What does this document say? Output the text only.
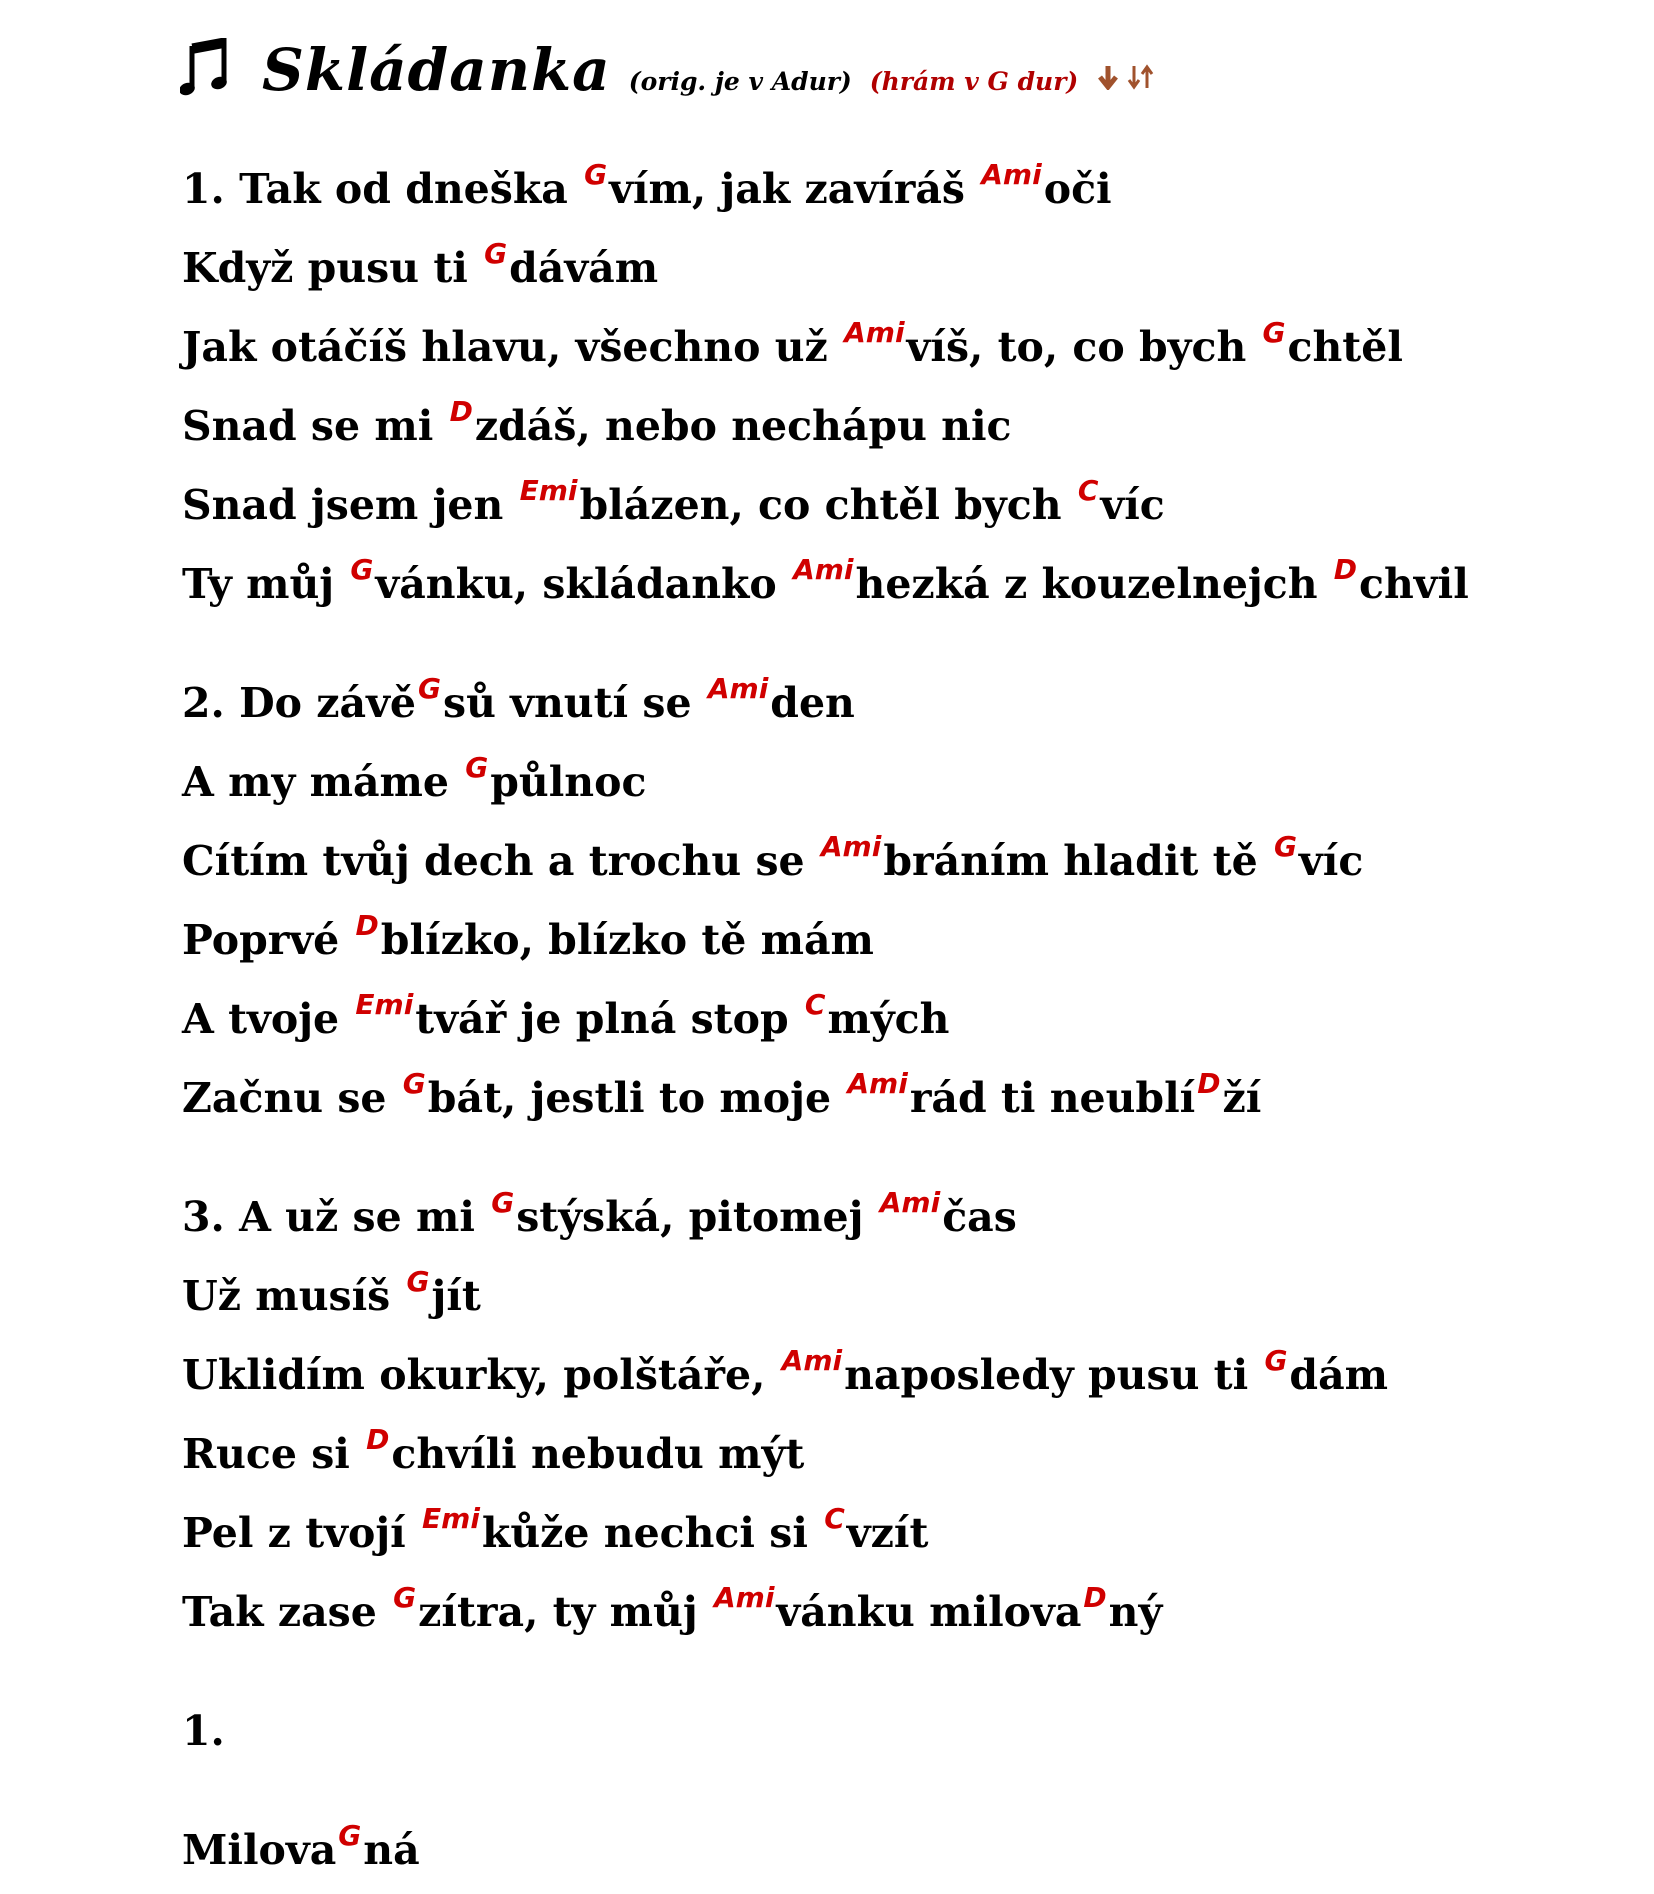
Skládanka (orig. je v Adur) (hrám v G dur)
1. Tak od dneška $^G$vím, jak zavíráš $^{Ami}$oči
Když pusu ti $^G$dávám
Jak otáčíš hlavu, všechno už $^{Ami}$víš, to, co bych $^G$chtěl
Snad se mi $^D$zdáš, nebo nechápu nic
Snad jsem jen $^{Emi}$blázen, co chtěl bych $^C$víc
Ty můj $^G$vánku, skládanko $^{Ami}$hezká z kouzelnejch $^D$chvil
2. Do závě$^G$sů vnutí se $^{Ami}$den
A my máme $^G$půlnoc
Cítím tvůj dech a trochu se $^{Ami}$bráním hladit tě $^G$víc
Poprvé $^D$blízko, blízko tě mám
A tvoje $^{Emi}$tvář je plná stop $^C$mých
Začnu se $^G$bát, jestli to moje $^{Ami}$rád ti neublí$^D$ží
3. A už se mi $^G$stýská, pitomej $^{Ami}$čas
Už musíš $^G$jít
Uklidím okurky, polštáře, $^{Ami}$naposledy pusu ti $^G$dám
Ruce si $^D$chvíli nebudu mýt
Pel z tvojí $^{Emi}$kůže nechci si $^C$vzít
Tak zase $^G$zítra, ty můj $^{Ami}$vánku milova$^D$ný
1.
Milova$^G$ná
